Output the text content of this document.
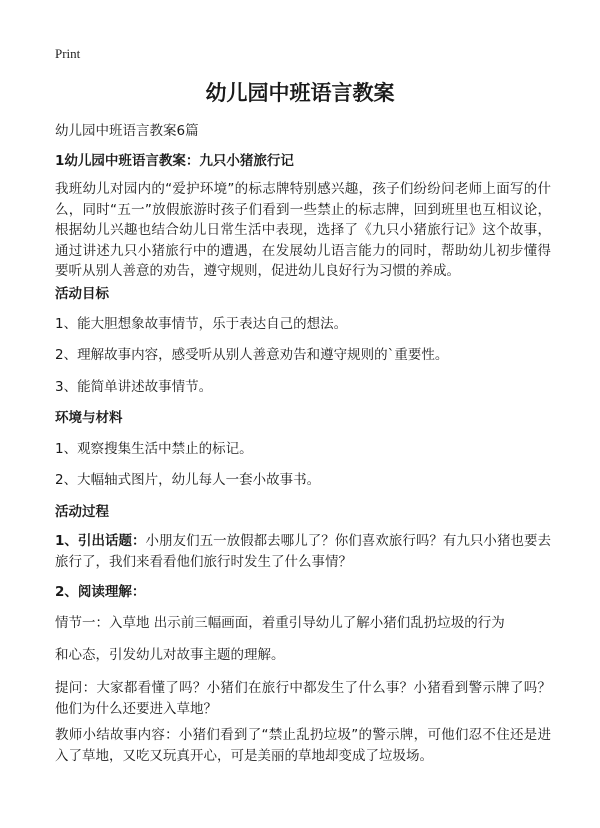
Print
幼儿园中班语言教案
幼儿园中班语言教案6篇
1幼儿园中班语言教案：九只小猪旅行记

我班幼儿对园内的“爱护环境”的标志牌特别感兴趣，孩子们纷纷问老师上面写的什么，同时“五一”放假旅游时孩子们看到一些禁止的标志牌，回到班里也互相议论，根据幼儿兴趣也结合幼儿日常生活中表现，选择了《九只小猪旅行记》这个故事，通过讲述九只小猪旅行中的遭遇，在发展幼儿语言能力的同时，帮助幼儿初步懂得要听从别人善意的劝告，遵守规则，促进幼儿良好行为习惯的养成。

活动目标

1、能大胆想象故事情节，乐于表达自己的想法。

2、理解故事内容，感受听从别人善意劝告和遵守规则的`重要性。

3、能简单讲述故事情节。

环境与材料

1、观察搜集生活中禁止的标记。

2、大幅轴式图片，幼儿每人一套小故事书。

活动过程

1、引出话题：小朋友们五一放假都去哪儿了？你们喜欢旅行吗？有九只小猪也要去旅行了，我们来看看他们旅行时发生了什么事情？

2、阅读理解：

情节一：入草地 出示前三幅画面，着重引导幼儿了解小猪们乱扔垃圾的行为

和心态，引发幼儿对故事主题的理解。

提问：大家都看懂了吗？小猪们在旅行中都发生了什么事？小猪看到警示牌了吗？他们为什么还要进入草地？

教师小结故事内容：小猪们看到了“禁止乱扔垃圾”的警示牌，可他们忍不住还是进入了草地，又吃又玩真开心，可是美丽的草地却变成了垃圾场。
